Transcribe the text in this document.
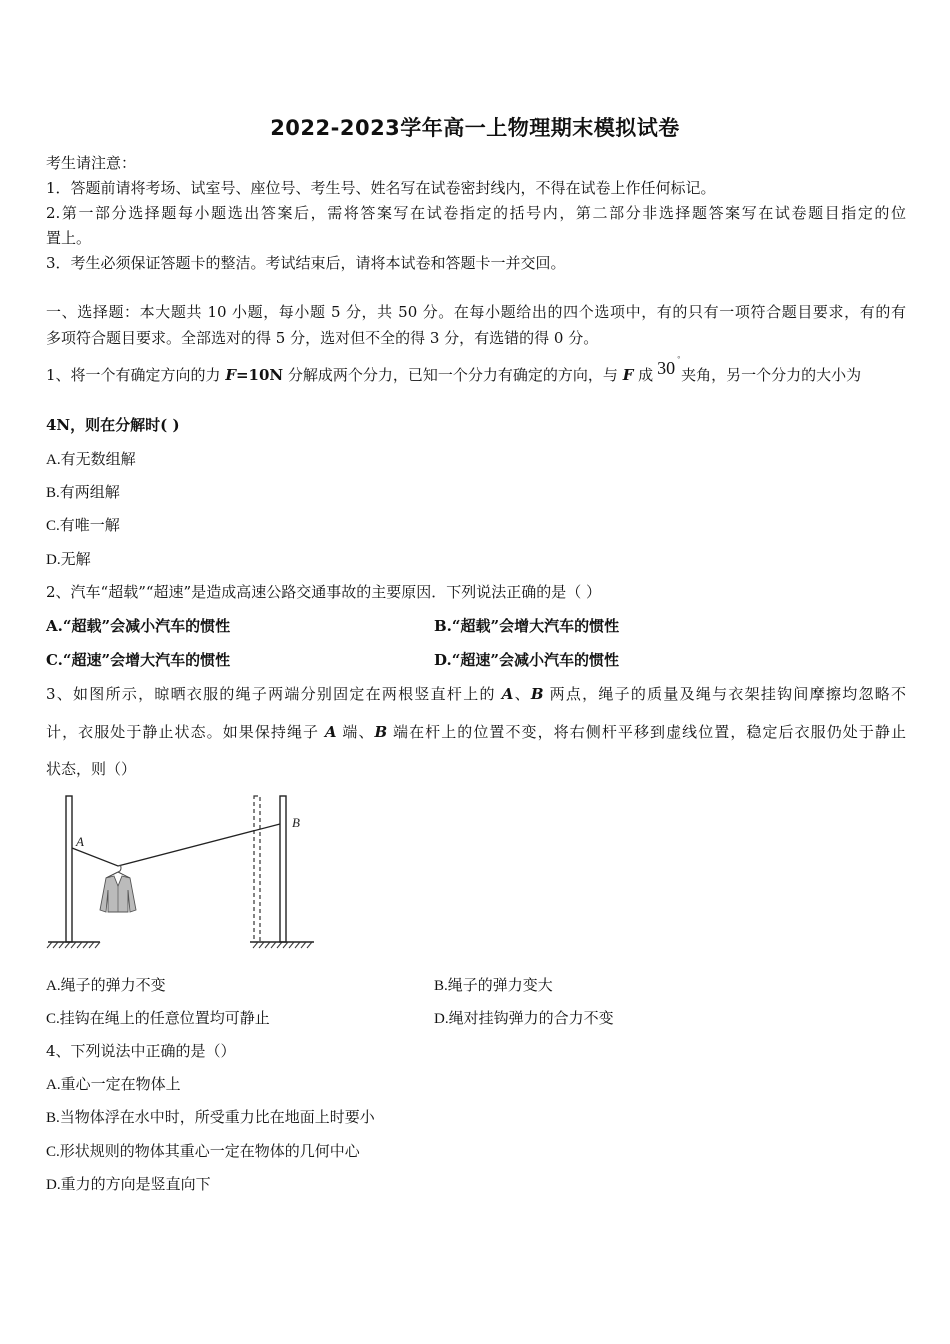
2022-2023学年高一上物理期末模拟试卷
考生请注意：
1．答题前请将考场、试室号、座位号、考生号、姓名写在试卷密封线内，不得在试卷上作任何标记。
2.第一部分选择题每小题选出答案后，需将答案写在试卷指定的括号内，第二部分非选择题答案写在试卷题目指定的位
置上。
3．考生必须保证答题卡的整洁。考试结束后，请将本试卷和答题卡一并交回。
一、选择题：本大题共 10 小题，每小题 5 分，共 50 分。在每小题给出的四个选项中，有的只有一项符合题目要求，有的有
多项符合题目要求。全部选对的得 5 分，选对但不全的得 3 分，有选错的得 0 分。
1、将一个有确定方向的力 F=10N 分解成两个分力，已知一个分力有确定的方向，与 F 成 30 °
夹角，另一个分力的大小为
4N，则在分解时( )
A.有无数组解
B.有两组解
C.有唯一解
D.无解
2、汽车“超载”“超速”是造成高速公路交通事故的主要原因．下列说法正确的是（ ）
A.“超载”会减小汽车的惯性	B.“超载”会增大汽车的惯性
C.“超速”会增大汽车的惯性	D.“超速”会减小汽车的惯性
3、如图所示，晾晒衣服的绳子两端分别固定在两根竖直杆上的 A、B 两点，绳子的质量及绳与衣架挂钩间摩擦均忽略不
计，衣服处于静止状态。如果保持绳子 A 端、B 端在杆上的位置不变，将右侧杆平移到虚线位置，稳定后衣服仍处于静止
状态，则（）
A
B
A.绳子的弹力不变	B.绳子的弹力变大
C.挂钩在绳上的任意位置均可静止	D.绳对挂钩弹力的合力不变
4、下列说法中正确的是（）
A.重心一定在物体上
B.当物体浮在水中时，所受重力比在地面上时要小
C.形状规则的物体其重心一定在物体的几何中心
D.重力的方向是竖直向下
